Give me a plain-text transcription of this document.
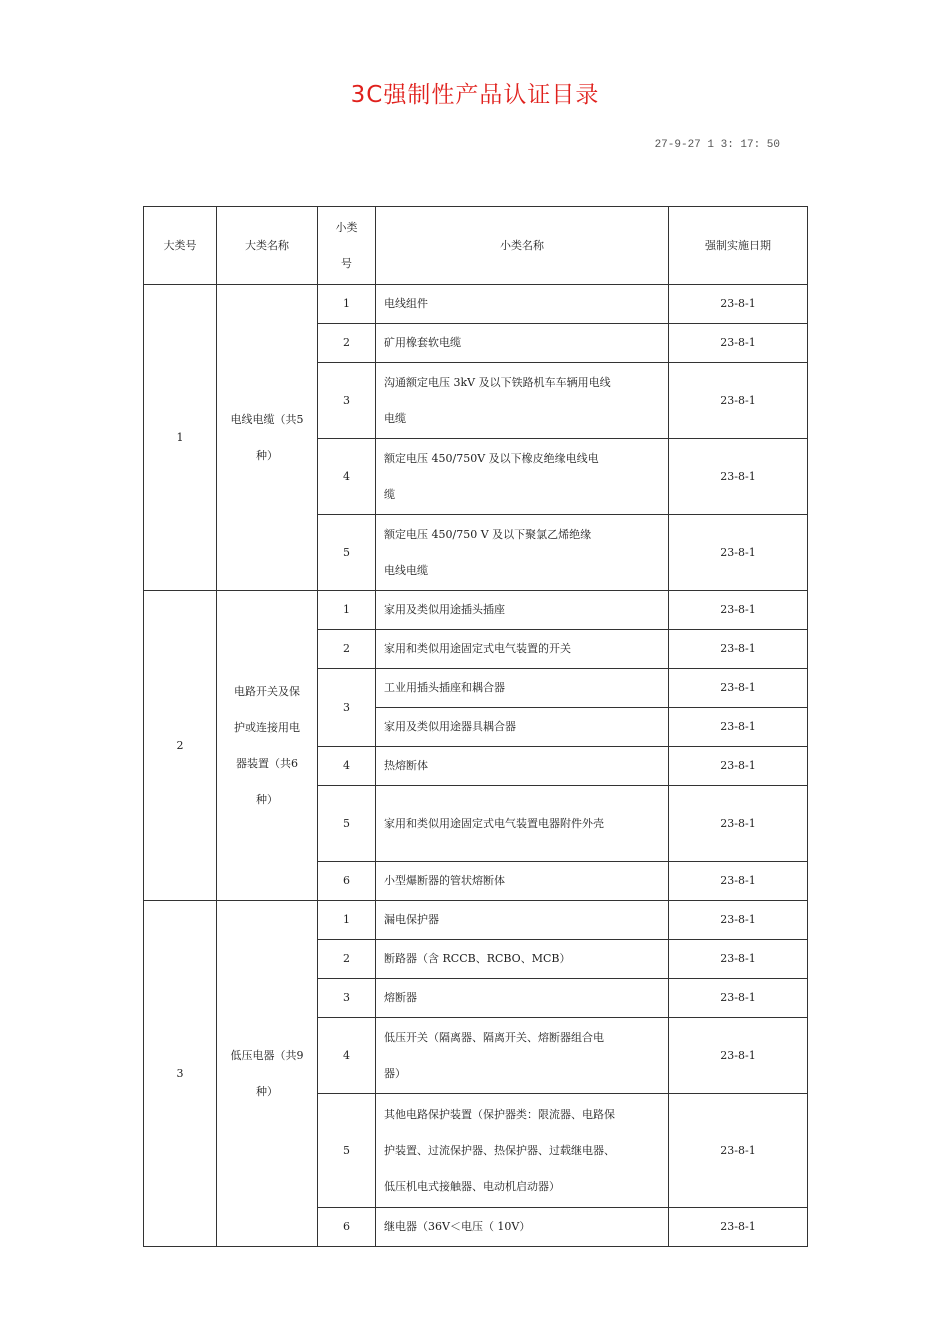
3C强制性产品认证目录
27-9-27 1 3: 17: 50
大类号	大类名称	小类号	小类名称	强制实施日期
1	电线电缆（共5种）	1	电线组件	23-8-1
		2	矿用橡套软电缆	23-8-1
		3	沟通额定电压 3kV 及以下铁路机车车辆用电线电缆	23-8-1
		4	额定电压 450/750V 及以下橡皮绝缘电线电缆	23-8-1
		5	额定电压 450/750 V 及以下聚氯乙烯绝缘电线电缆	23-8-1
2	电路开关及保护或连接用电器装置（共6种）	1	家用及类似用途插头插座	23-8-1
		2	家用和类似用途固定式电气装置的开关	23-8-1
		3	工业用插头插座和耦合器	23-8-1
			家用及类似用途器具耦合器	23-8-1
		4	热熔断体	23-8-1
		5	家用和类似用途固定式电气装置电器附件外壳	23-8-1
		6	小型爆断器的管状熔断体	23-8-1
3	低压电器（共9种）	1	漏电保护器	23-8-1
		2	断路器（含 RCCB、RCBO、MCB）	23-8-1
		3	熔断器	23-8-1
		4	低压开关（隔离器、隔离开关、熔断器组合电器）	23-8-1
		5	其他电路保护装置（保护器类：限流器、电路保护装置、过流保护器、热保护器、过载继电器、低压机电式接触器、电动机启动器）	23-8-1
		6	继电器（36V＜电压（ 10V）	23-8-1
